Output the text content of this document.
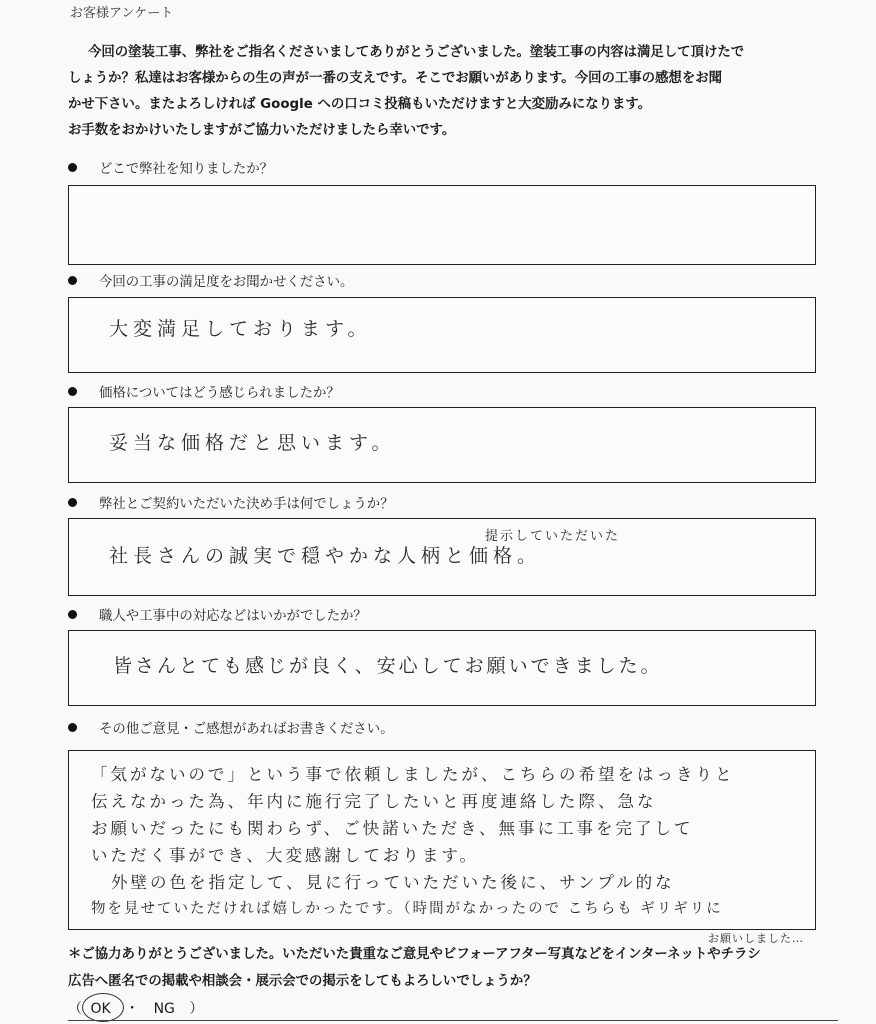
お客様アンケート

今回の塗装工事、弊社をご指名くださいましてありがとうございました。塗装工事の内容は満足して頂けたで

しょうか？私達はお客様からの生の声が一番の支えです。そこでお願いがあります。今回の工事の感想をお聞

かせ下さい。またよろしければ Google への口コミ投稿もいただけますと大変励みになります。

お手数をおかけいたしますがご協力いただけましたら幸いです。

どこで弊社を知りましたか？
今回の工事の満足度をお聞かせください。
大変満足しております。
価格についてはどう感じられましたか？
妥当な価格だと思います。
弊社とご契約いただいた決め手は何でしょうか？
提示していただいた
社長さんの誠実で穏やかな人柄と価格。
職人や工事中の対応などはいかがでしたか？
皆さんとても感じが良く、安心してお願いできました。
その他ご意見・ご感想があればお書きください。
「気がないので」という事で依頼しましたが、こちらの希望をはっきりと
伝えなかった為、年内に施行完了したいと再度連絡した際、急な
お願いだったにも関わらず、ご快諾いただき、無事に工事を完了して
いただく事ができ、大変感謝しております。
外壁の色を指定して、見に行っていただいた後に、サンプル的な
物を見せていただければ嬉しかったです。（時間がなかったので こちらも ギリギリに
お願いしました…
＊ご協力ありがとうございました。いただいた貴重なご意見やビフォーアフター写真などをインターネットやチラシ
広告へ匿名での掲載や相談会・展示会での掲示をしてもよろしいでしょうか？
（ OK ・ NG ）
